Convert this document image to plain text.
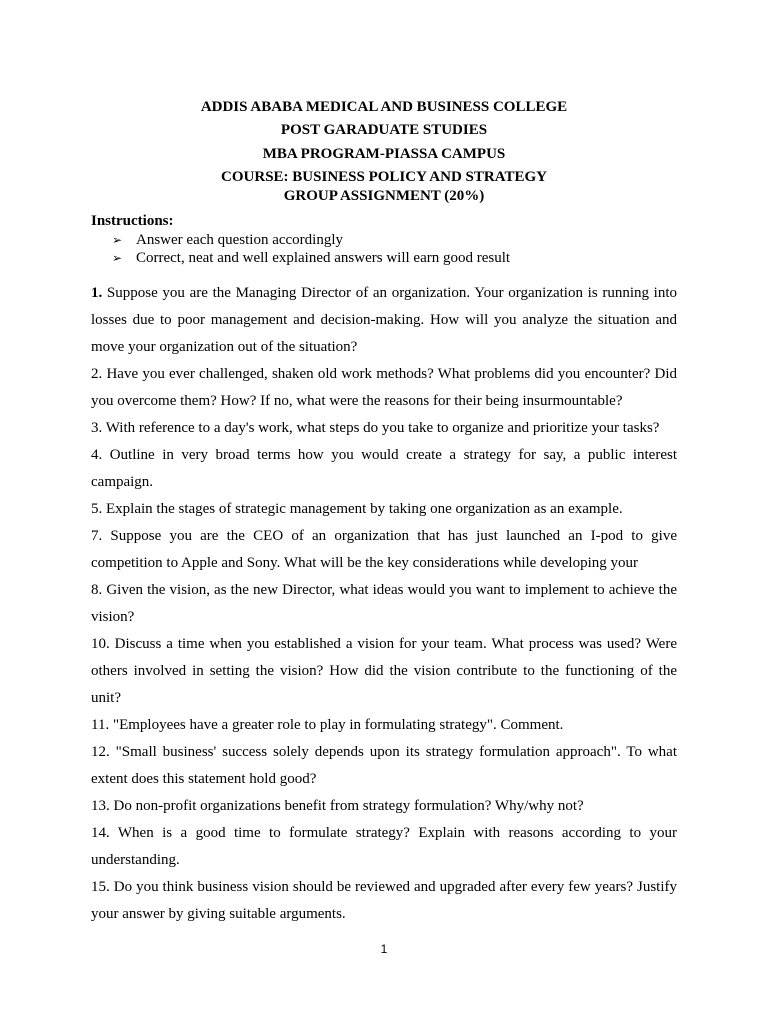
ADDIS ABABA MEDICAL AND BUSINESS COLLEGE
POST GARADUATE STUDIES
MBA PROGRAM-PIASSA CAMPUS
COURSE: BUSINESS POLICY AND STRATEGY
GROUP ASSIGNMENT (20%)
Instructions:
➢ Answer each question accordingly
➢ Correct, neat and well explained answers will earn good result

1. Suppose you are the Managing Director of an organization. Your organization is running into losses due to poor management and decision-making. How will you analyze the situation and move your organization out of the situation?

2. Have you ever challenged, shaken old work methods? What problems did you encounter? Did you overcome them? How? If no, what were the reasons for their being insurmountable?

3. With reference to a day's work, what steps do you take to organize and prioritize your tasks?

4. Outline in very broad terms how you would create a strategy for say, a public interest campaign.

5. Explain the stages of strategic management by taking one organization as an example.

7. Suppose you are the CEO of an organization that has just launched an I-pod to give competition to Apple and Sony. What will be the key considerations while developing your

8. Given the vision, as the new Director, what ideas would you want to implement to achieve the vision?

10. Discuss a time when you established a vision for your team. What process was used? Were others involved in setting the vision? How did the vision contribute to the functioning of the unit?

11. "Employees have a greater role to play in formulating strategy". Comment.

12. "Small business' success solely depends upon its strategy formulation approach". To what extent does this statement hold good?

13. Do non-profit organizations benefit from strategy formulation? Why/why not?

14. When is a good time to formulate strategy? Explain with reasons according to your understanding.

15. Do you think business vision should be reviewed and upgraded after every few years? Justify your answer by giving suitable arguments.

1
